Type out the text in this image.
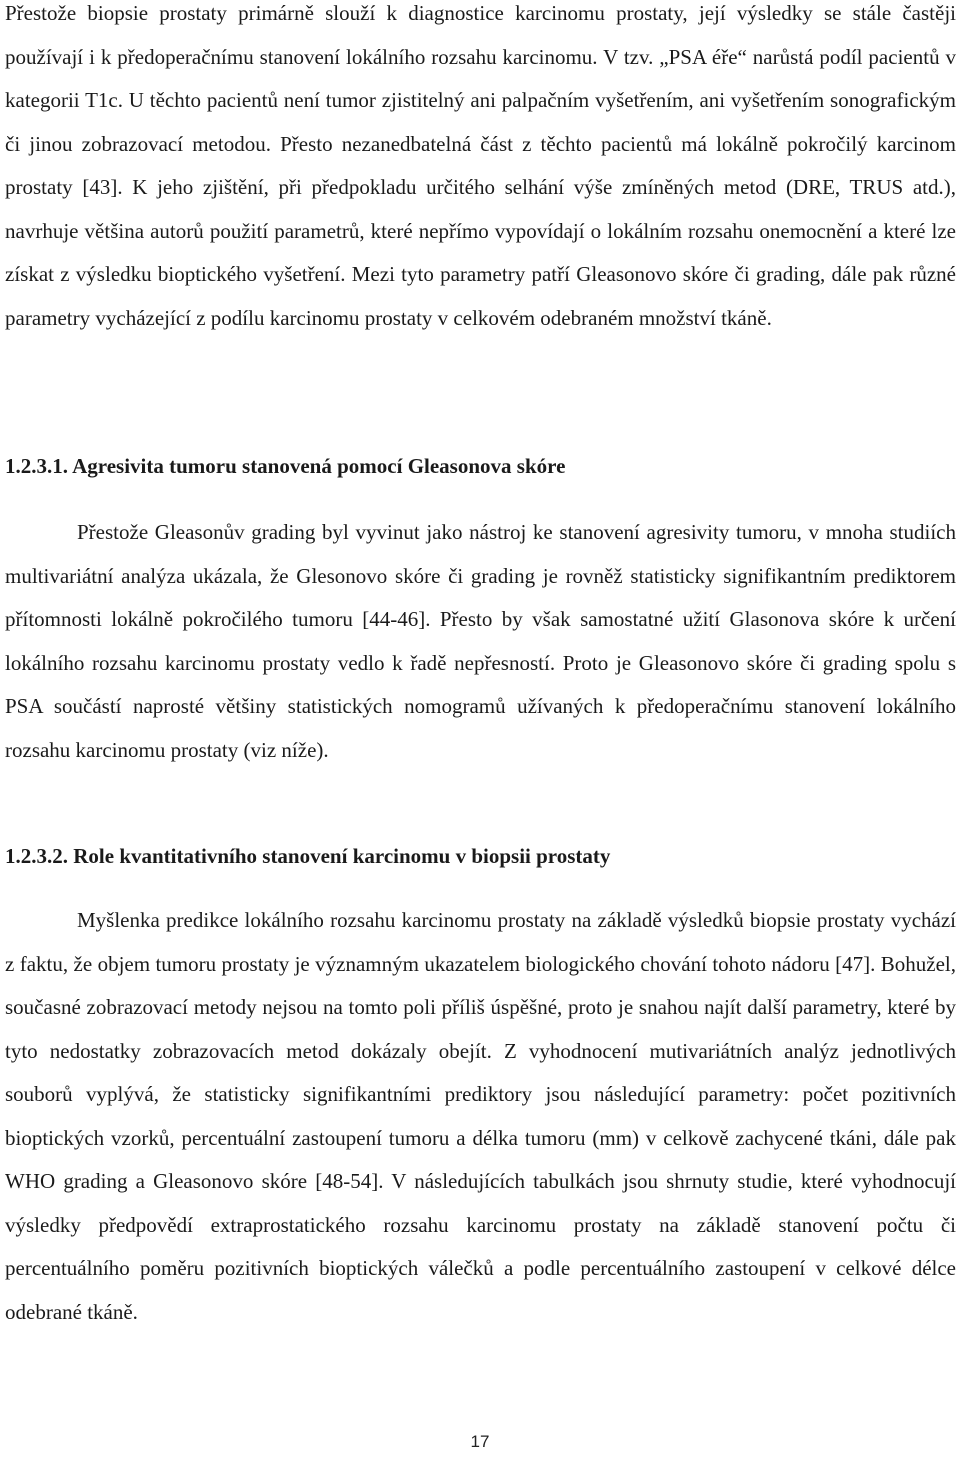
Přestože biopsie prostaty primárně slouží k diagnostice karcinomu prostaty, její výsledky se stále častěji používají i k předoperačnímu stanovení lokálního rozsahu karcinomu. V tzv. „PSA éře“ narůstá podíl pacientů v kategorii T1c. U těchto pacientů není tumor zjistitelný ani palpačním vyšetřením, ani vyšetřením sonografickým či jinou zobrazovací metodou. Přesto nezanedbatelná část z těchto pacientů má lokálně pokročilý karcinom prostaty [43]. K jeho zjištění, při předpokladu určitého selhání výše zmíněných metod (DRE, TRUS atd.), navrhuje většina autorů použití parametrů, které nepřímo vypovídají o lokálním rozsahu onemocnění a které lze získat z výsledku bioptického vyšetření. Mezi tyto parametry patří Gleasonovo skóre či grading, dále pak různé parametry vycházející z podílu karcinomu prostaty v celkovém odebraném množství tkáně.

1.2.3.1. Agresivita tumoru stanovená pomocí Gleasonova skóre

Přestože Gleasonův grading byl vyvinut jako nástroj ke stanovení agresivity tumoru, v mnoha studiích multivariátní analýza ukázala, že Glesonovo skóre či grading je rovněž statisticky signifikantním prediktorem přítomnosti lokálně pokročilého tumoru [44-46]. Přesto by však samostatné užití Glasonova skóre k určení lokálního rozsahu karcinomu prostaty vedlo k řadě nepřesností. Proto je Gleasonovo skóre či grading spolu s PSA součástí naprosté většiny statistických nomogramů užívaných k předoperačnímu stanovení lokálního rozsahu karcinomu prostaty (viz níže).

1.2.3.2. Role kvantitativního stanovení karcinomu v biopsii prostaty

Myšlenka predikce lokálního rozsahu karcinomu prostaty na základě výsledků biopsie prostaty vychází z faktu, že objem tumoru prostaty je významným ukazatelem biologického chování tohoto nádoru [47]. Bohužel, současné zobrazovací metody nejsou na tomto poli příliš úspěšné, proto je snahou najít další parametry, které by tyto nedostatky zobrazovacích metod dokázaly obejít. Z vyhodnocení mutivariátních analýz jednotlivých souborů vyplývá, že statisticky signifikantními prediktory jsou následující parametry: počet pozitivních bioptických vzorků, percentuální zastoupení tumoru a délka tumoru (mm) v celkově zachycené tkáni, dále pak WHO grading a Gleasonovo skóre [48-54]. V následujících tabulkách jsou shrnuty studie, které vyhodnocují výsledky předpovědí extraprostatického rozsahu karcinomu prostaty na základě stanovení počtu či percentuálního poměru pozitivních bioptických válečků a podle percentuálního zastoupení v celkové délce odebrané tkáně.

17
